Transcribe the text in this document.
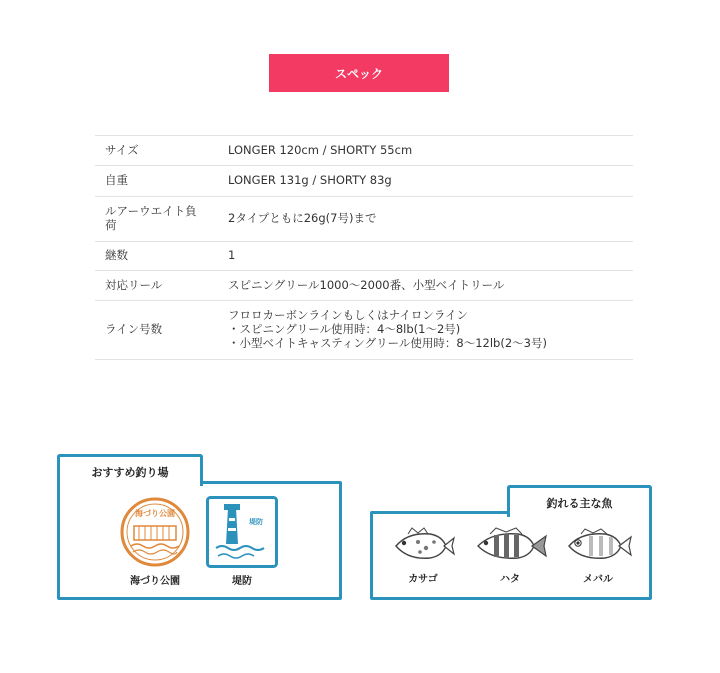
スペック
サイズ	LONGER 120cm / SHORTY 55cm
自重	LONGER 131g / SHORTY 83g
ルアーウエイト負荷	2タイプともに26g(7号)まで
継数	1
対応リール	スピニングリール1000～2000番、小型ベイトリール
ライン号数	フロロカーボンラインもしくはナイロンライン
・スピニングリール使用時：4～8lb(1～2号)
・小型ベイトキャスティングリール使用時：8～12lb(2～3号)
おすすめ釣り場
海づり公園
海づり公園
堤防
堤防
釣れる主な魚
カサゴ	ハタ	メバル
